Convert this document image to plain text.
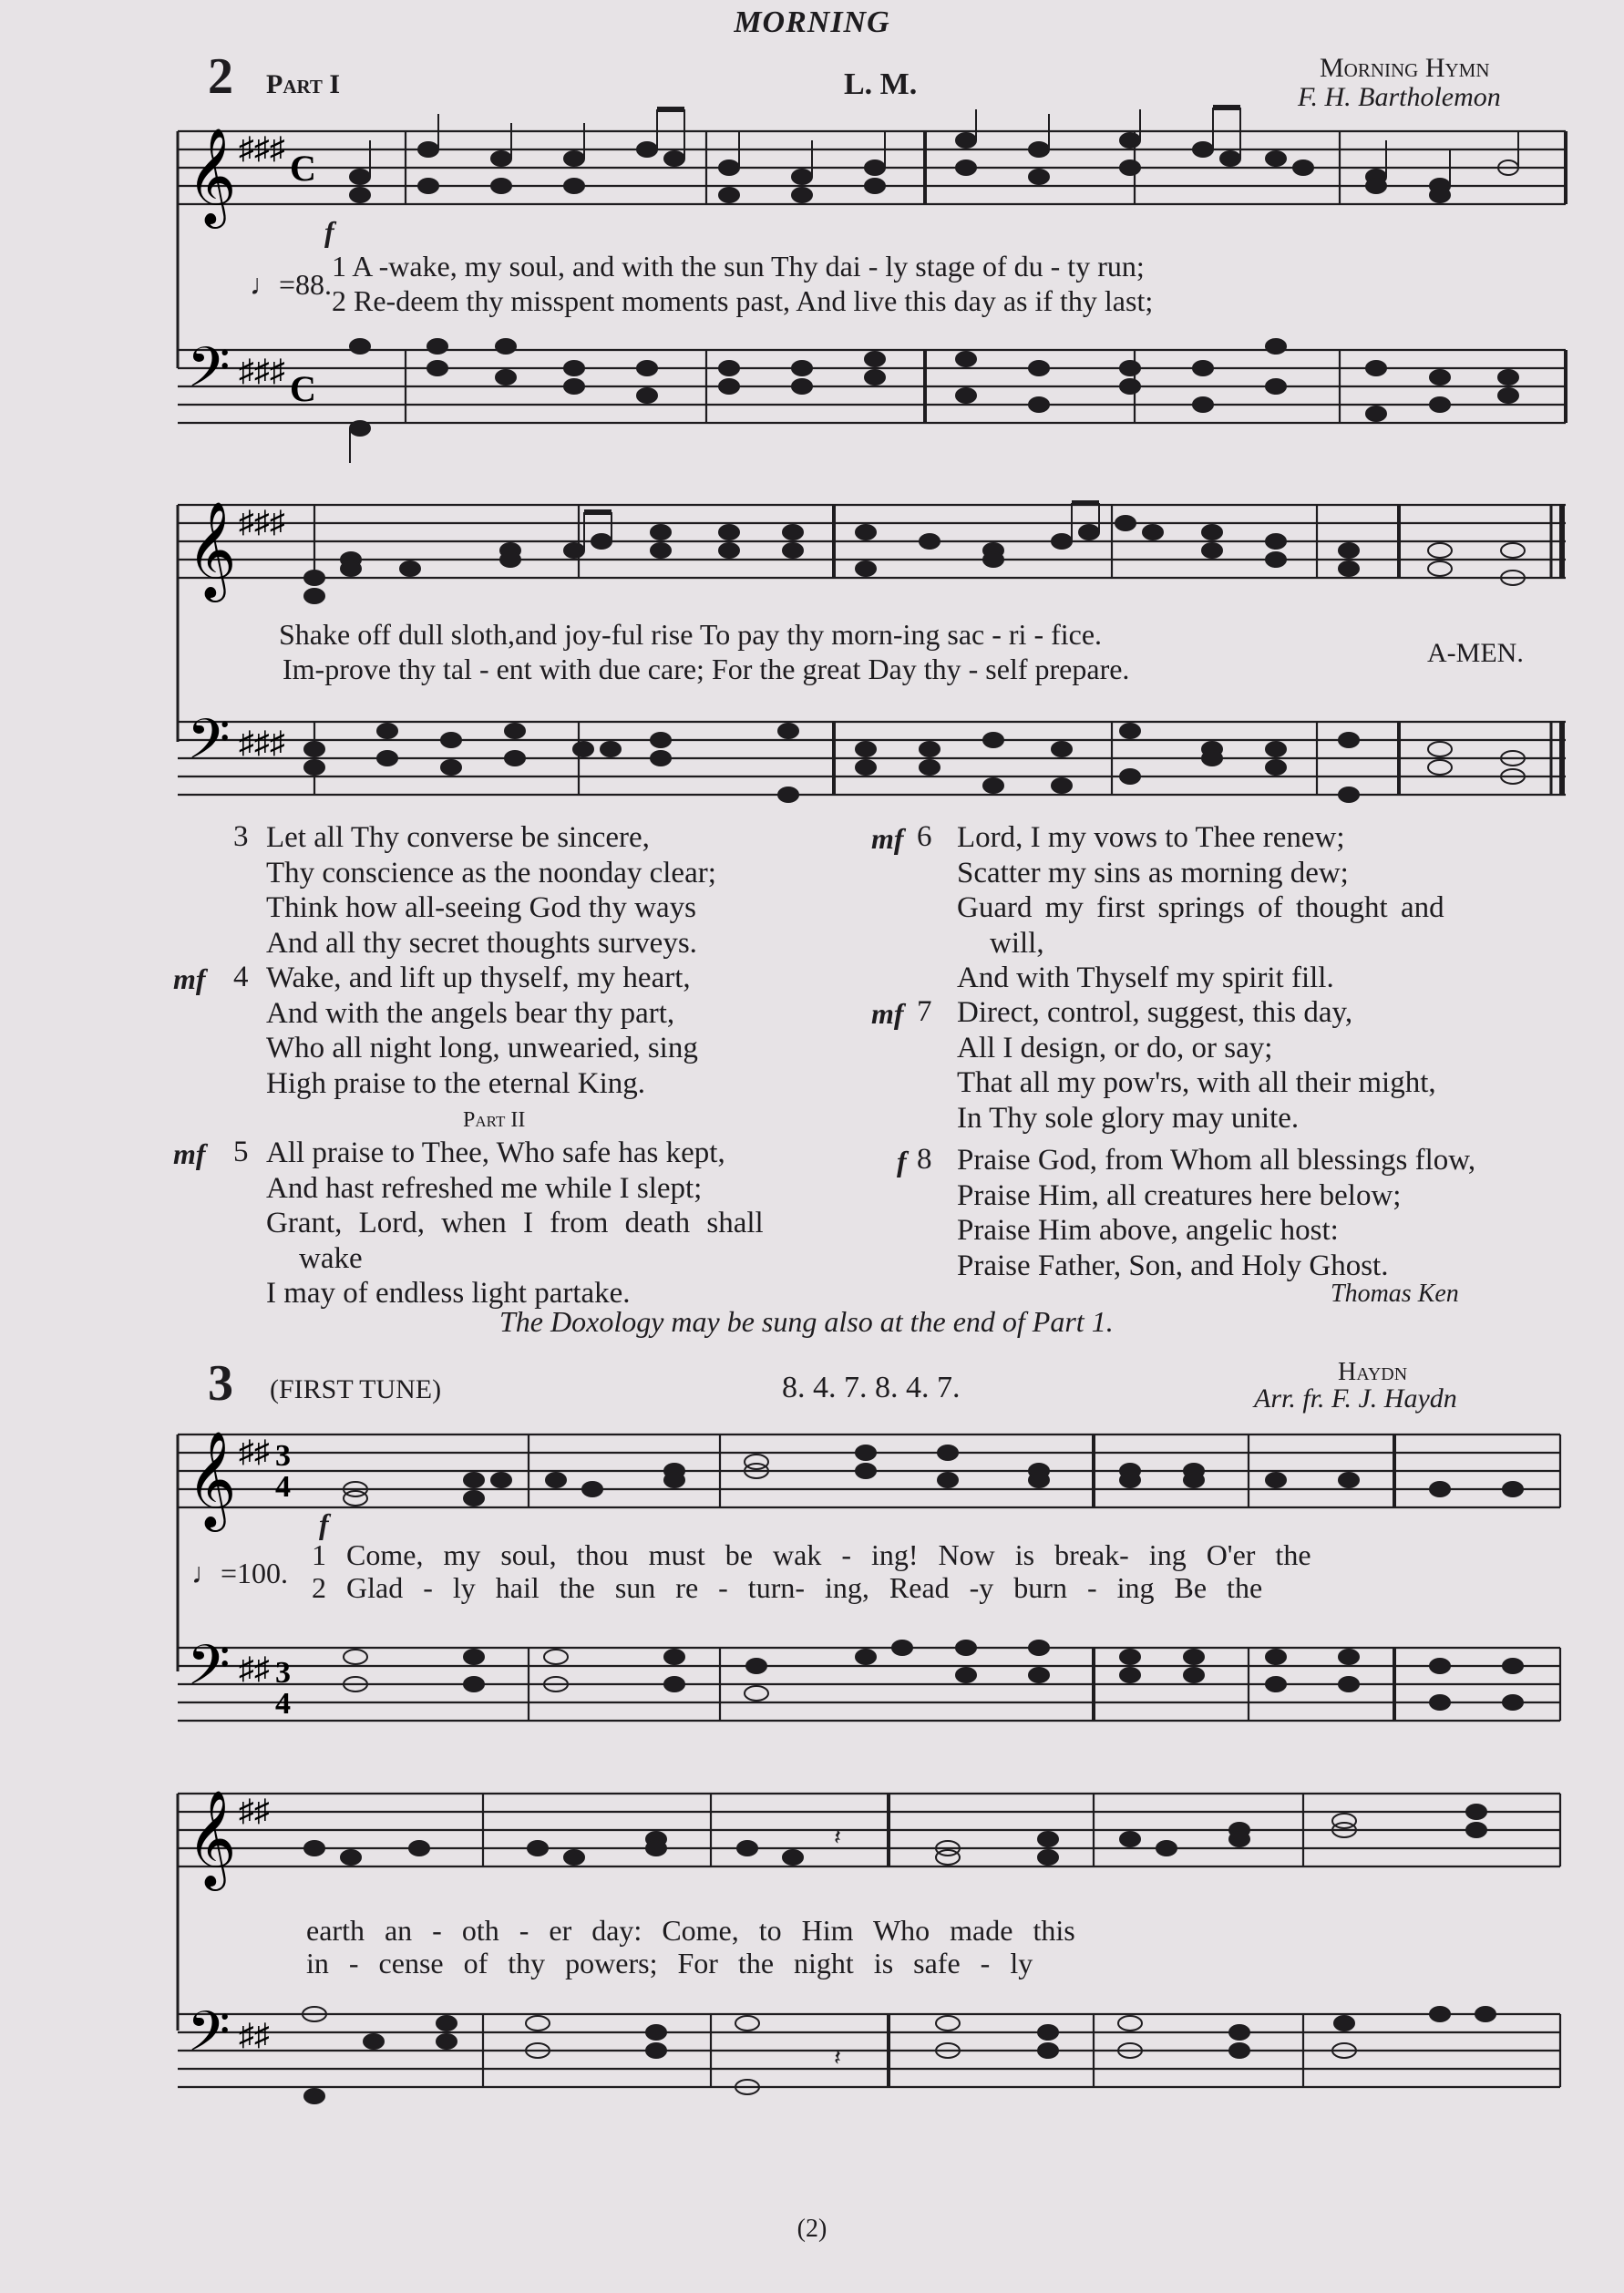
MORNING
2 Part I	L. M.	Morning Hymn
F. H. Bartholemon
𝄞 ♯♯♯ C
f
♩=88.
1 A -wake, my soul, and with the sun Thy dai - ly stage of du - ty run;
2 Re-deem thy misspent moments past, And live this day as if thy last;
𝄢 ♯♯♯ C
𝄞 ♯♯♯
Shake off dull sloth,and joy-ful rise To pay thy morn-ing sac - ri - fice.
Im-prove thy tal - ent with due care; For the great Day thy - self prepare.	A-MEN.
𝄢 ♯♯♯
3 Let all Thy converse be sincere,
Thy conscience as the noonday clear;
Think how all-seeing God thy ways
And all thy secret thoughts surveys.
mf 4 Wake, and lift up thyself, my heart,
And with the angels bear thy part,
Who all night long, unwearied, sing
High praise to the eternal King.
Part II
mf 5 All praise to Thee, Who safe has kept,
And hast refreshed me while I slept;
Grant, Lord, when I from death shall
wake
I may of endless light partake.
mf 6 Lord, I my vows to Thee renew;
Scatter my sins as morning dew;
Guard my first springs of thought and
will,
And with Thyself my spirit fill.
mf 7 Direct, control, suggest, this day,
All I design, or do, or say;
That all my pow'rs, with all their might,
In Thy sole glory may unite.
f 8 Praise God, from Whom all blessings flow,
Praise Him, all creatures here below;
Praise Him above, angelic host:
Praise Father, Son, and Holy Ghost.
Thomas Ken
The Doxology may be sung also at the end of Part 1.
3 (FIRST TUNE)	8. 4. 7. 8. 4. 7.	Haydn
Arr. fr. F. J. Haydn
𝄞 ♯♯ 3
4
f
♩=100.
1 Come, my soul, thou must be wak - ing! Now is break- ing O'er the
2 Glad - ly hail the sun re - turn- ing, Read -y burn - ing Be the
𝄢 ♯♯ 3
4
𝄞 ♯♯
𝄽
earth an - oth - er day: Come, to Him Who made this
in - cense of thy powers; For the night is safe - ly
𝄢 ♯♯
𝄽
(2)
